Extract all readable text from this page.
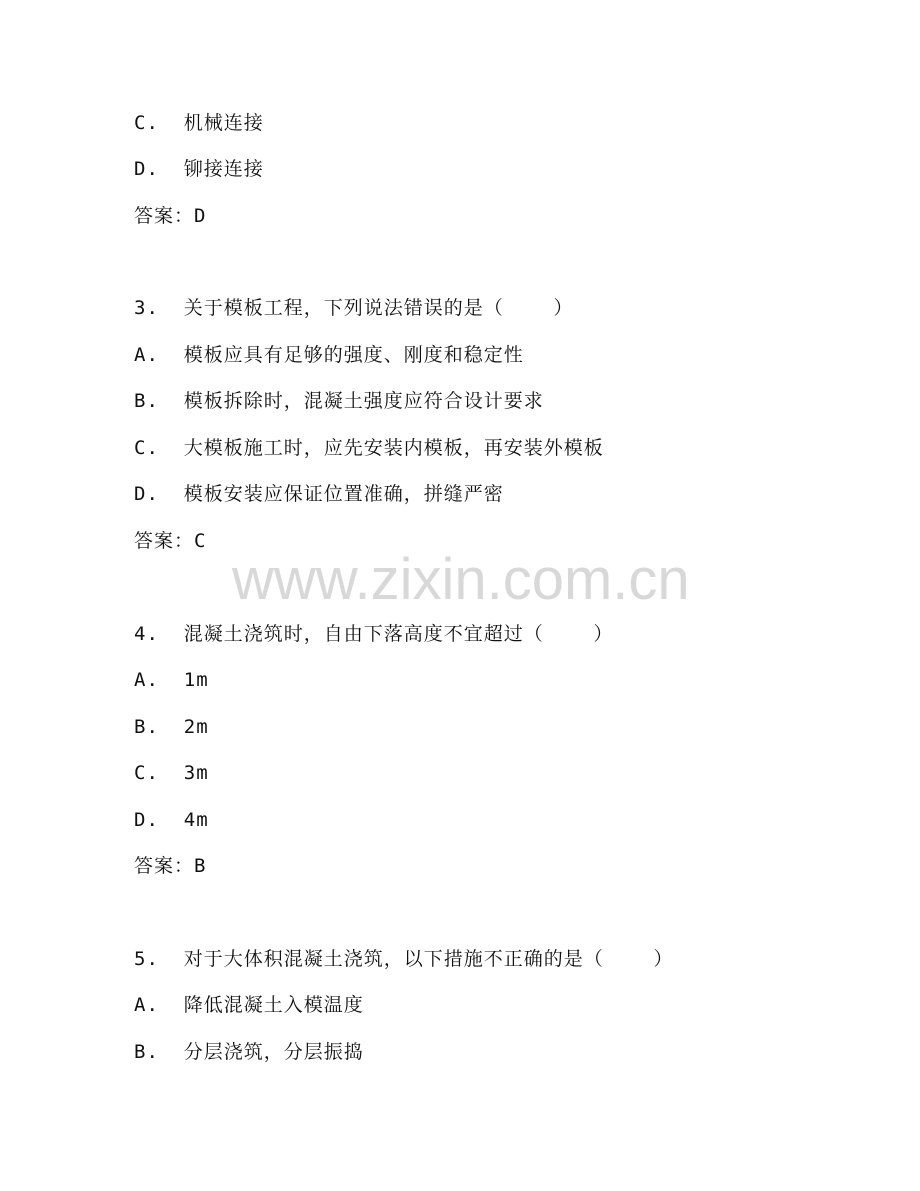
www.zixin.com.cn
C.  机械连接
D.  铆接连接
答案：D
3.  关于模板工程，下列说法错误的是（    ）
A.  模板应具有足够的强度、刚度和稳定性
B.  模板拆除时，混凝土强度应符合设计要求
C.  大模板施工时，应先安装内模板，再安装外模板
D.  模板安装应保证位置准确，拼缝严密
答案：C
4.  混凝土浇筑时，自由下落高度不宜超过（    ）
A.  1m
B.  2m
C.  3m
D.  4m
答案：B
5.  对于大体积混凝土浇筑，以下措施不正确的是（    ）
A.  降低混凝土入模温度
B.  分层浇筑，分层振捣
